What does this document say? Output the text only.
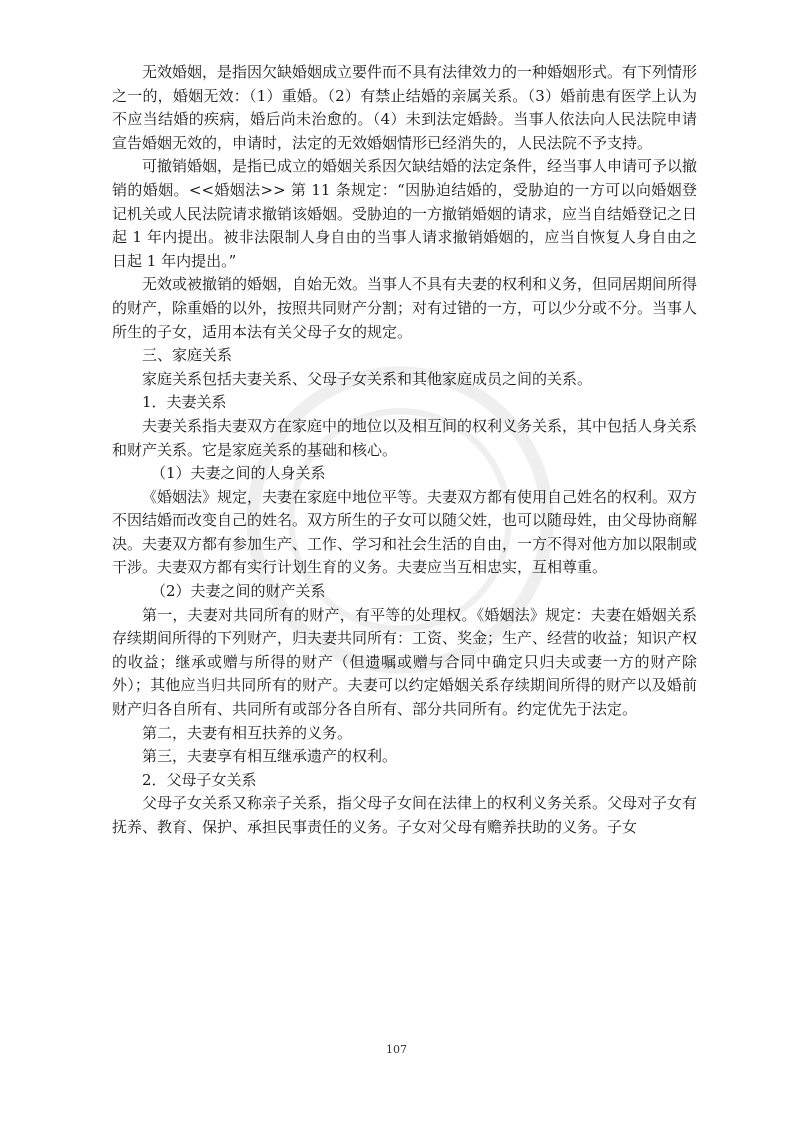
无效婚姻，是指因欠缺婚姻成立要件而不具有法律效力的一种婚姻形式。有下列情形之一的，婚姻无效：（1）重婚。（2）有禁止结婚的亲属关系。（3）婚前患有医学上认为不应当结婚的疾病，婚后尚未治愈的。（4）未到法定婚龄。当事人依法向人民法院申请宣告婚姻无效的，申请时，法定的无效婚姻情形已经消失的，人民法院不予支持。

可撤销婚姻，是指已成立的婚姻关系因欠缺结婚的法定条件，经当事人申请可予以撤销的婚姻。<<婚姻法>> 第 11 条规定：“因胁迫结婚的，受胁迫的一方可以向婚姻登记机关或人民法院请求撤销该婚姻。受胁迫的一方撤销婚姻的请求，应当自结婚登记之日起 1 年内提出。被非法限制人身自由的当事人请求撤销婚姻的，应当自恢复人身自由之日起 1 年内提出。”

无效或被撤销的婚姻，自始无效。当事人不具有夫妻的权利和义务，但同居期间所得的财产，除重婚的以外，按照共同财产分割；对有过错的一方，可以少分或不分。当事人所生的子女，适用本法有关父母子女的规定。

三、家庭关系

家庭关系包括夫妻关系、父母子女关系和其他家庭成员之间的关系。

1．夫妻关系

夫妻关系指夫妻双方在家庭中的地位以及相互间的权利义务关系，其中包括人身关系和财产关系。它是家庭关系的基础和核心。

（1）夫妻之间的人身关系

《婚姻法》规定，夫妻在家庭中地位平等。夫妻双方都有使用自己姓名的权利。双方不因结婚而改变自己的姓名。双方所生的子女可以随父姓，也可以随母姓，由父母协商解决。夫妻双方都有参加生产、工作、学习和社会生活的自由，一方不得对他方加以限制或干涉。夫妻双方都有实行计划生育的义务。夫妻应当互相忠实，互相尊重。

（2）夫妻之间的财产关系

第一，夫妻对共同所有的财产，有平等的处理权。《婚姻法》规定：夫妻在婚姻关系存续期间所得的下列财产，归夫妻共同所有：工资、奖金；生产、经营的收益；知识产权的收益；继承或赠与所得的财产（但遗嘱或赠与合同中确定只归夫或妻一方的财产除外）；其他应当归共同所有的财产。夫妻可以约定婚姻关系存续期间所得的财产以及婚前财产归各自所有、共同所有或部分各自所有、部分共同所有。约定优先于法定。

第二，夫妻有相互扶养的义务。

第三，夫妻享有相互继承遗产的权利。

2．父母子女关系

父母子女关系又称亲子关系，指父母子女间在法律上的权利义务关系。父母对子女有抚养、教育、保护、承担民事责任的义务。子女对父母有赡养扶助的义务。子女

107
